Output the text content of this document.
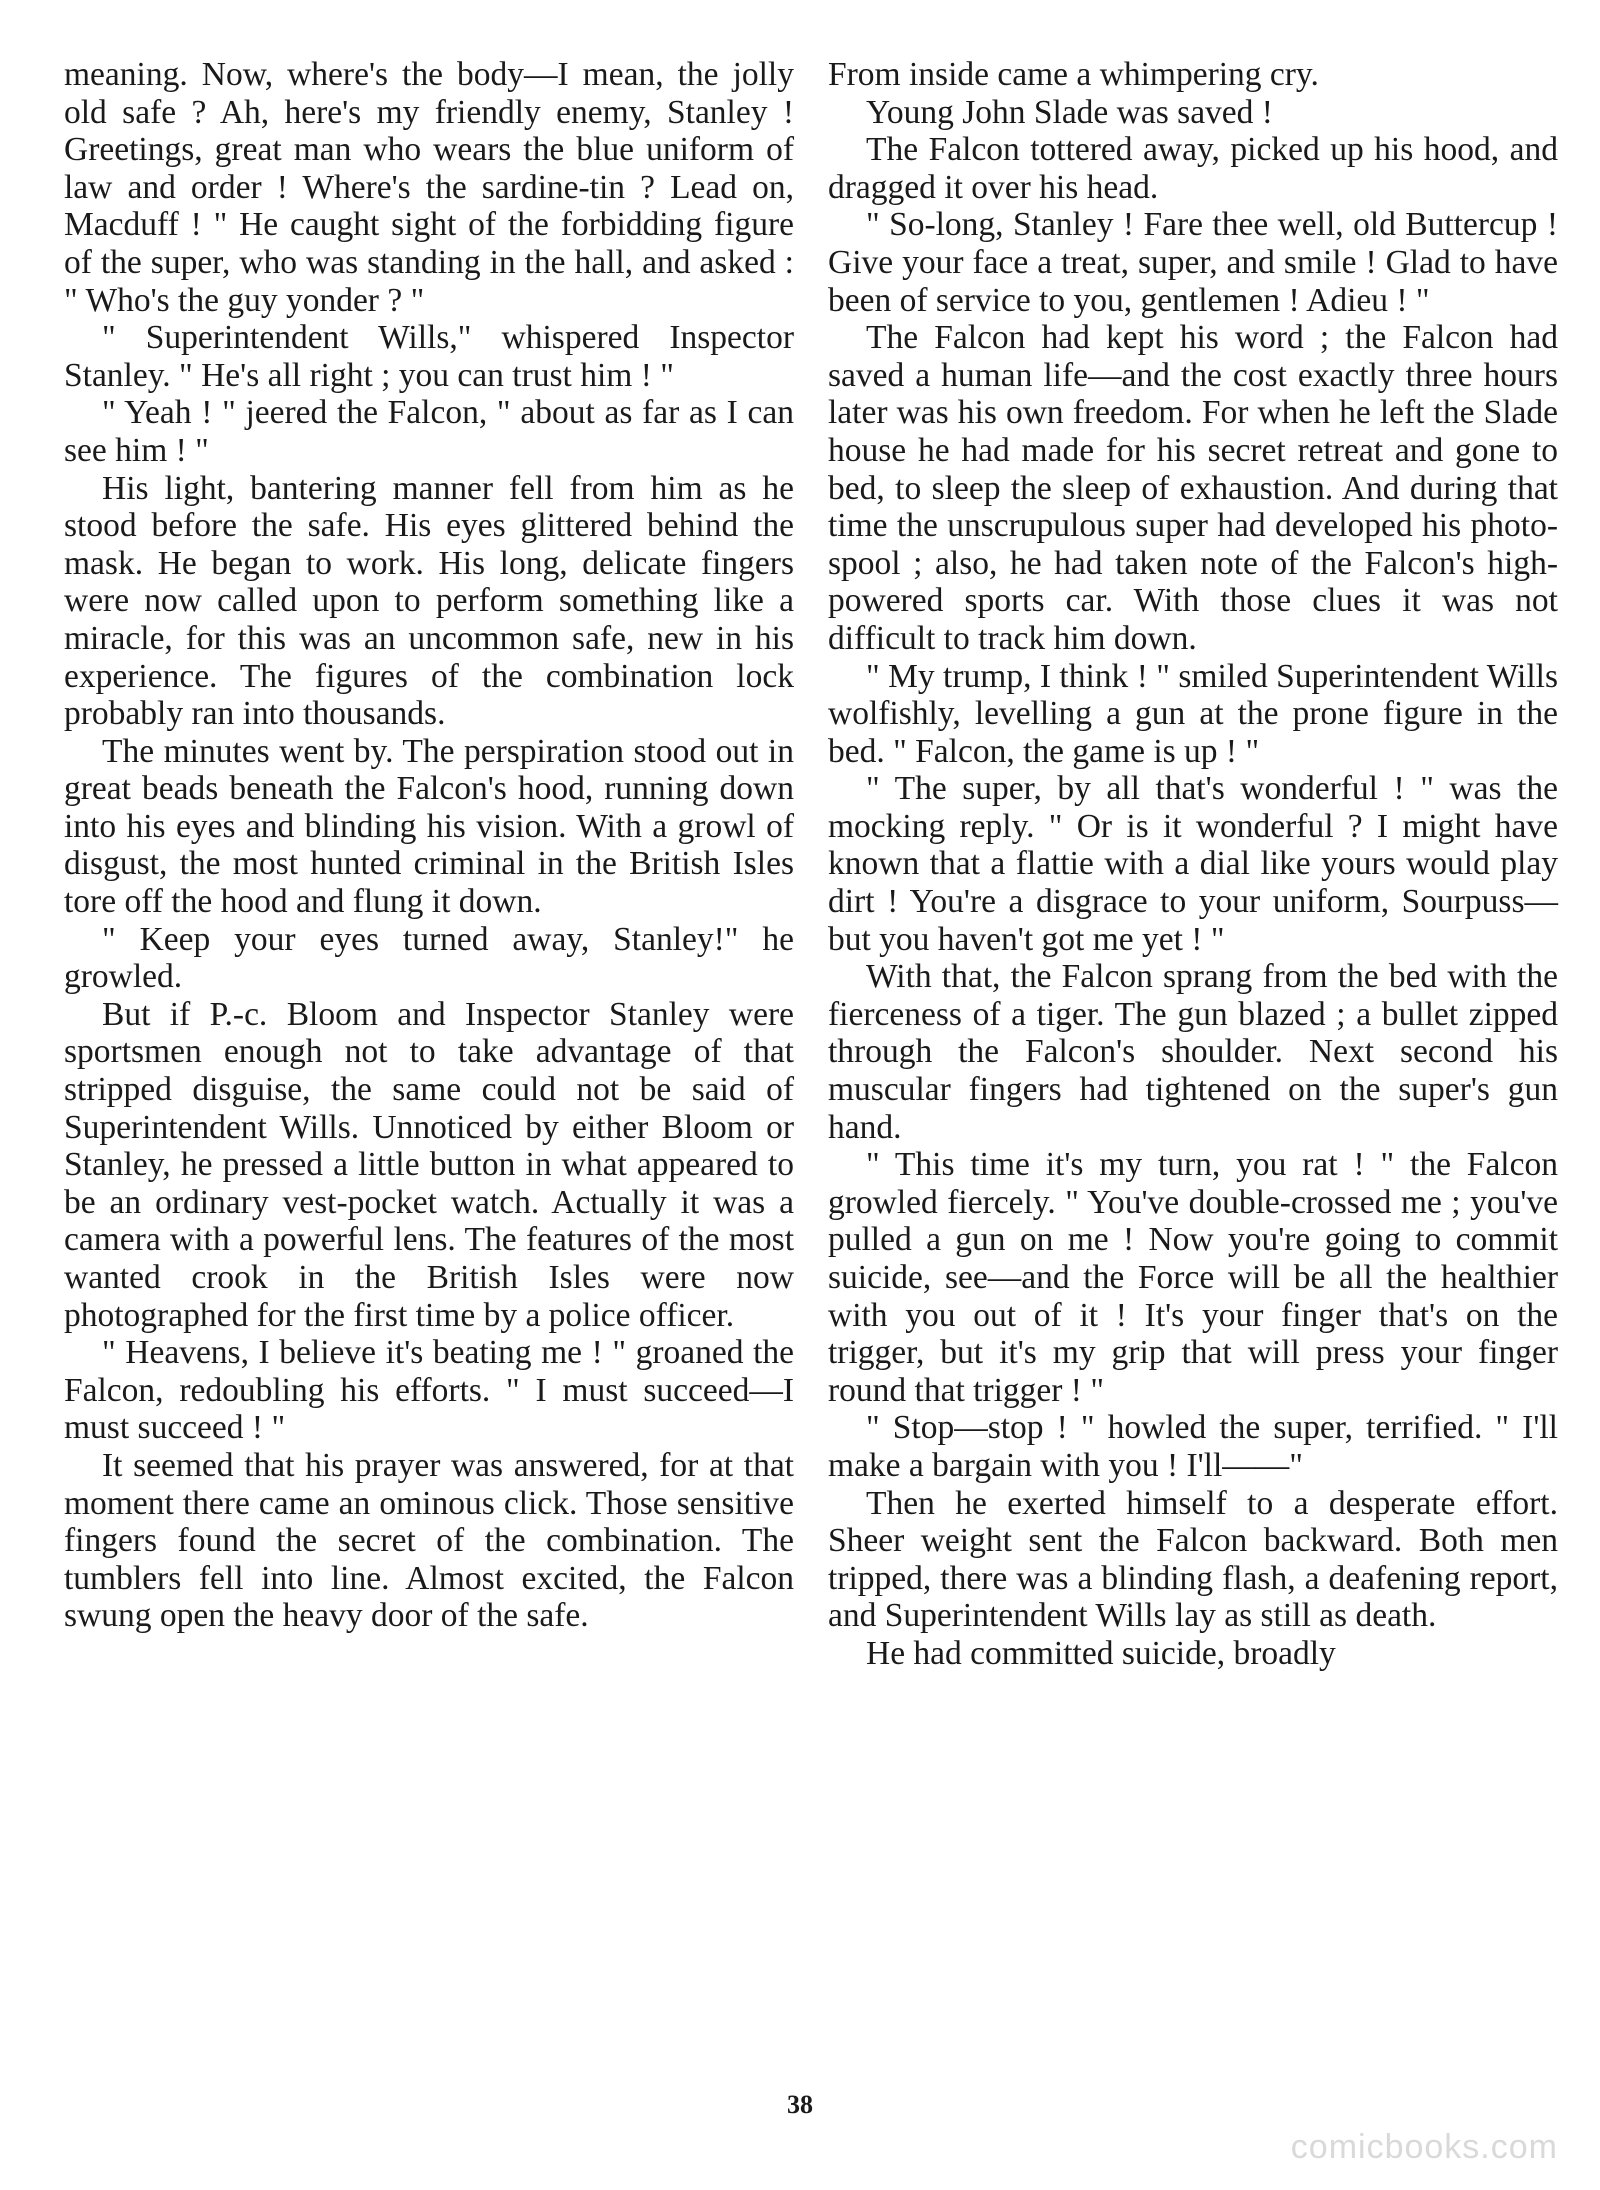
meaning. Now, where's the body—I mean, the jolly old safe ? Ah, here's my friendly enemy, Stanley ! Greetings, great man who wears the blue uniform of law and order ! Where's the sardine-tin ? Lead on, Macduff ! " He caught sight of the forbidding figure of the super, who was standing in the hall, and asked : " Who's the guy yonder ? "

" Superintendent Wills," whispered Inspector Stanley. " He's all right ; you can trust him ! "

" Yeah ! " jeered the Falcon, " about as far as I can see him ! "

His light, bantering manner fell from him as he stood before the safe. His eyes glittered behind the mask. He began to work. His long, delicate fingers were now called upon to perform something like a miracle, for this was an uncommon safe, new in his experience. The figures of the combination lock probably ran into thousands.

The minutes went by. The perspiration stood out in great beads beneath the Falcon's hood, running down into his eyes and blinding his vision. With a growl of disgust, the most hunted criminal in the British Isles tore off the hood and flung it down.

" Keep your eyes turned away, Stanley!" he growled.

But if P.-c. Bloom and Inspector Stanley were sportsmen enough not to take advantage of that stripped disguise, the same could not be said of Superintendent Wills. Unnoticed by either Bloom or Stanley, he pressed a little button in what appeared to be an ordinary vest-pocket watch. Actually it was a camera with a powerful lens. The features of the most wanted crook in the British Isles were now photographed for the first time by a police officer.

" Heavens, I believe it's beating me ! " groaned the Falcon, redoubling his efforts. " I must succeed—I must succeed ! "

It seemed that his prayer was answered, for at that moment there came an ominous click. Those sensitive fingers found the secret of the combination. The tumblers fell into line. Almost excited, the Falcon swung open the heavy door of the safe.

From inside came a whimpering cry.

Young John Slade was saved !

The Falcon tottered away, picked up his hood, and dragged it over his head.

" So-long, Stanley ! Fare thee well, old Buttercup ! Give your face a treat, super, and smile ! Glad to have been of service to you, gentlemen ! Adieu ! "

The Falcon had kept his word ; the Falcon had saved a human life—and the cost exactly three hours later was his own freedom. For when he left the Slade house he had made for his secret retreat and gone to bed, to sleep the sleep of exhaustion. And during that time the unscrupulous super had developed his photo-spool ; also, he had taken note of the Falcon's high-powered sports car. With those clues it was not difficult to track him down.

" My trump, I think ! " smiled Superintendent Wills wolfishly, levelling a gun at the prone figure in the bed. " Falcon, the game is up ! "

" The super, by all that's wonderful ! " was the mocking reply. " Or is it wonderful ? I might have known that a flattie with a dial like yours would play dirt ! You're a disgrace to your uniform, Sourpuss—but you haven't got me yet ! "

With that, the Falcon sprang from the bed with the fierceness of a tiger. The gun blazed ; a bullet zipped through the Falcon's shoulder. Next second his muscular fingers had tightened on the super's gun hand.

" This time it's my turn, you rat ! " the Falcon growled fiercely. " You've double-crossed me ; you've pulled a gun on me ! Now you're going to commit suicide, see—and the Force will be all the healthier with you out of it ! It's your finger that's on the trigger, but it's my grip that will press your finger round that trigger ! "

" Stop—stop ! " howled the super, terrified. " I'll make a bargain with you ! I'll——"

Then he exerted himself to a desperate effort. Sheer weight sent the Falcon backward. Both men tripped, there was a blinding flash, a deafening report, and Superintendent Wills lay as still as death.

He had committed suicide, broadly

38
comicbooks.com
